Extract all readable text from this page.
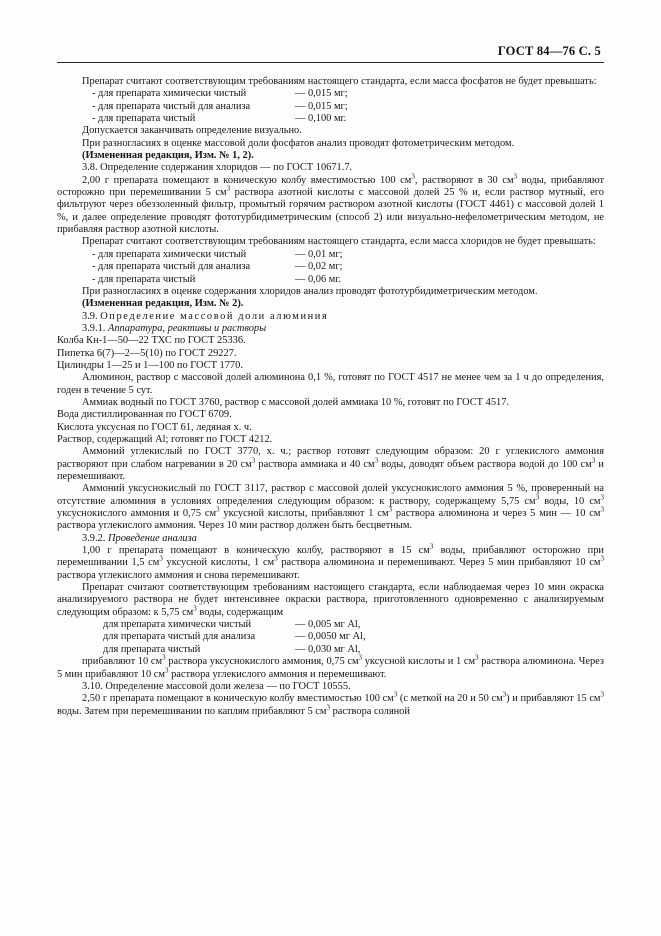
ГОСТ 84—76 С. 5

Препарат считают соответствующим требованиям настоящего стандарта, если масса фосфатов не будет превышать:

- для препарата химически чистый	— 0,015 мг;
- для препарата чистый для анализа	— 0,015 мг;
- для препарата чистый	— 0,100 мг.

Допускается заканчивать определение визуально.

При разногласиях в оценке массовой доли фосфатов анализ проводят фотометрическим методом.

(Измененная редакция, Изм. № 1, 2).

3.8. Определение содержания хлоридов — по ГОСТ 10671.7.

2,00 г препарата помещают в коническую колбу вместимостью 100 $см^3$, растворяют в 30 $см^3$ воды, прибавляют осторожно при перемешивании 5 $см^3$ раствора азотной кислоты с массовой долей 25 % и, если раствор мутный, его фильтруют через обеззоленный фильтр, промытый горячим раствором азотной кислоты (ГОСТ 4461) с массовой долей 1 %, и далее определение проводят фототурбидиметрическим (способ 2) или визуально-нефелометрическим методом, не прибавляя раствор азотной кислоты.

Препарат считают соответствующим требованиям настоящего стандарта, если масса хлоридов не будет превышать:

- для препарата химически чистый	— 0,01 мг;
- для препарата чистый для анализа	— 0,02 мг;
- для препарата чистый	— 0,06 мг.

При разногласиях в оценке содержания хлоридов анализ проводят фототурбидиметрическим методом.

(Измененная редакция, Изм. № 2).

3.9. Определение массовой доли алюминия

3.9.1. Аппаратура, реактивы и растворы

Колба Кн-1—50—22 ТХС по ГОСТ 25336.

Пипетка 6(7)—2—5(10) по ГОСТ 29227.

Цилиндры 1—25 и 1—100 по ГОСТ 1770.

Алюминон, раствор с массовой долей алюминона 0,1 %, готовят по ГОСТ 4517 не менее чем за 1 ч до определения, годен в течение 5 сут.

Аммиак водный по ГОСТ 3760, раствор с массовой долей аммиака 10 %, готовят по ГОСТ 4517.

Вода дистиллированная по ГОСТ 6709.

Кислота уксусная по ГОСТ 61, ледяная х. ч.

Раствор, содержащий Al; готовят по ГОСТ 4212.

Аммоний углекислый по ГОСТ 3770, х. ч.; раствор готовят следующим образом: 20 г углекислого аммония растворяют при слабом нагревании в 20 $см^3$ раствора аммиака и 40 $см^3$ воды, доводят объем раствора водой до 100 $см^3$ и перемешивают.

Аммоний уксуснокислый по ГОСТ 3117, раствор с массовой долей уксуснокислого аммония 5 %, проверенный на отсутствие алюминия в условиях определения следующим образом: к раствору, содержащему 5,75 $см^3$ воды, 10 $см^3$ уксуснокислого аммония и 0,75 $см^3$ уксусной кислоты, прибавляют 1 $см^3$ раствора алюминона и через 5 мин — 10 $см^3$ раствора углекислого аммония. Через 10 мин раствор должен быть бесцветным.

3.9.2. Проведение анализа

1,00 г препарата помещают в коническую колбу, растворяют в 15 $см^3$ воды, прибавляют осторожно при перемешивании 1,5 $см^3$ уксусной кислоты, 1 $см^3$ раствора алюминона и перемешивают. Через 5 мин прибавляют 10 $см^3$ раствора углекислого аммония и снова перемешивают.

Препарат считают соответствующим требованиям настоящего стандарта, если наблюдаемая через 10 мин окраска анализируемого раствора не будет интенсивнее окраски раствора, приготовленного одновременно с анализируемым следующим образом: к 5,75 $см^3$ воды, содержащим

для препарата химически чистый	— 0,005 мг Al,
для препарата чистый для анализа	— 0,0050 мг Al,
для препарата чистый	— 0,030 мг Al,

прибавляют 10 $см^3$ раствора уксуснокислого аммония, 0,75 $см^3$ уксусной кислоты и 1 $см^3$ раствора алюминона. Через 5 мин прибавляют 10 $см^3$ раствора углекислого аммония и перемешивают.

3.10. Определение массовой доли железа — по ГОСТ 10555.

2,50 г препарата помещают в коническую колбу вместимостью 100 $см^3$ (с меткой на 20 и 50 $см^3$) и прибавляют 15 $см^3$ воды. Затем при перемешивании по каплям прибавляют 5 $см^3$ раствора соляной
